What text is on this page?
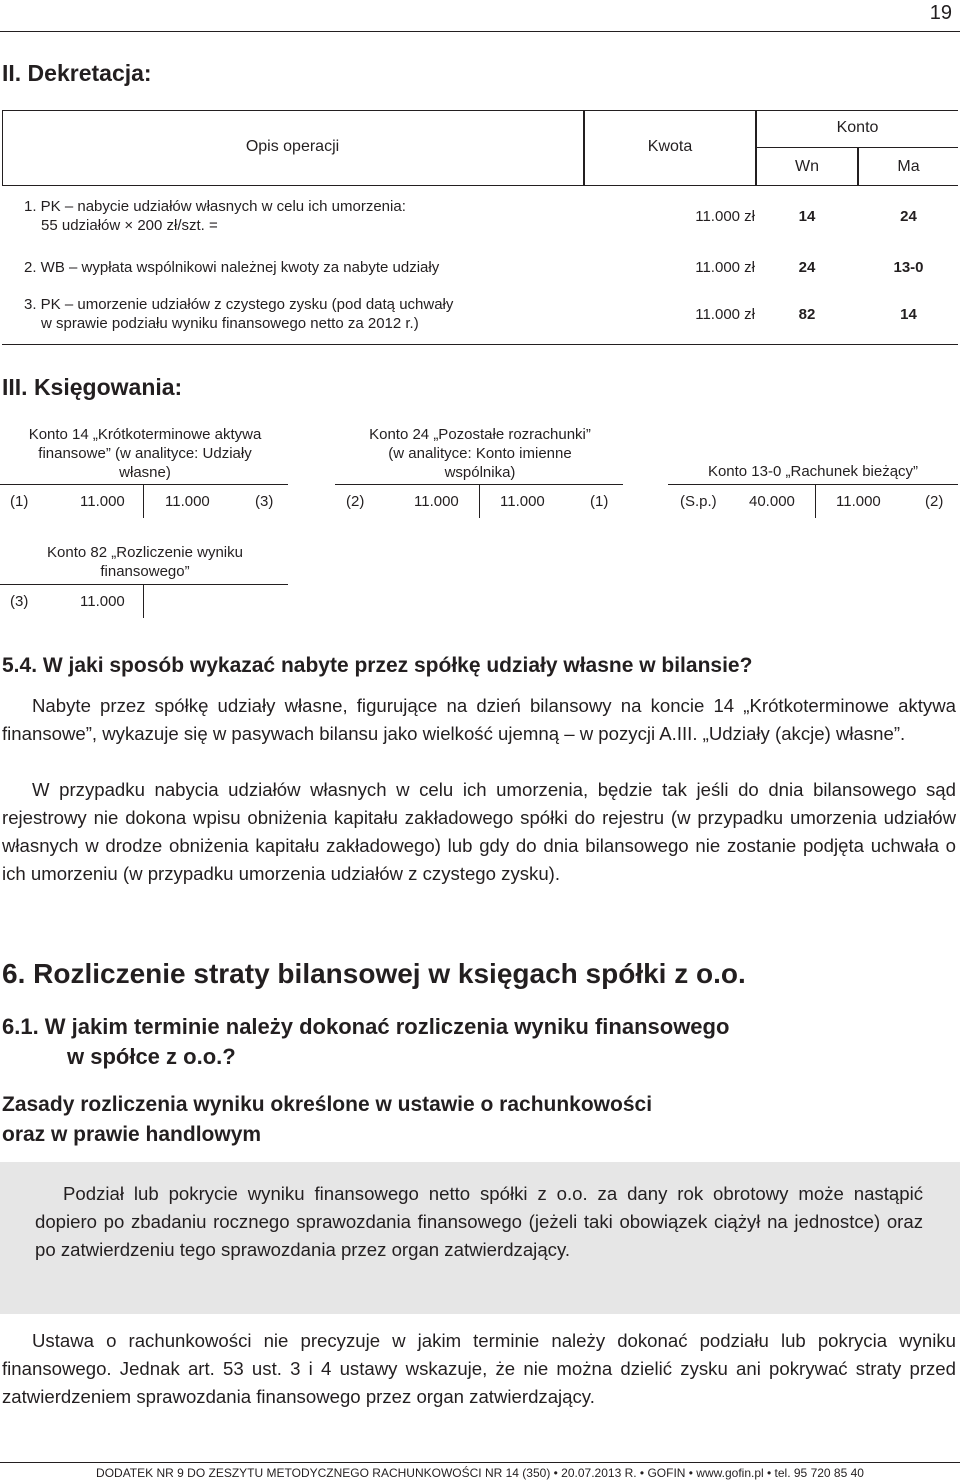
19
II. Dekretacja:
Opis operacji	Kwota
Konto
Wn	Ma
1. PK – nabycie udziałów własnych w celu ich umorzenia:
55 udziałów × 200 zł/szt. =
11.000 zł	14	24
2. WB – wypłata wspólnikowi należnej kwoty za nabyte udziały	11.000 zł	24	13-0
3. PK – umorzenie udziałów z czystego zysku (pod datą uchwały
w sprawie podziału wyniku finansowego netto za 2012 r.)
11.000 zł	82	14
III. Księgowania:
Konto 14 „Krótkoterminowe aktywa
finansowe” (w analityce: Udziały
własne)
(1)	11.000	11.000	(3)
Konto 24 „Pozostałe rozrachunki”
(w analityce: Konto imienne
wspólnika)
(2)	11.000	11.000	(1)
Konto 13-0 „Rachunek bieżący”
(S.p.) 40.000	11.000	(2)
Konto 82 „Rozliczenie wyniku
finansowego”
(3)	11.000
5.4. W jaki sposób wykazać nabyte przez spółkę udziały własne w bilansie?

Nabyte przez spółkę udziały własne, figurujące na dzień bilansowy na koncie 14 „Krótkoterminowe aktywa finansowe”, wykazuje się w pasywach bilansu jako wielkość ujemną – w pozycji A.III. „Udziały (akcje) własne”.

W przypadku nabycia udziałów własnych w celu ich umorzenia, będzie tak jeśli do dnia bilansowego sąd rejestrowy nie dokona wpisu obniżenia kapitału zakładowego spółki do rejestru (w przypadku umorzenia udziałów własnych w drodze obniżenia kapitału zakładowego) lub gdy do dnia bilansowego nie zostanie podjęta uchwała o ich umorzeniu (w przypadku umorzenia udziałów z czystego zysku).

6. Rozliczenie straty bilansowej w księgach spółki z o.o.
6.1. W jakim terminie należy dokonać rozliczenia wyniku finansowego
w spółce z o.o.?
Zasady rozliczenia wyniku określone w ustawie o rachunkowości
oraz w prawie handlowym

Podział lub pokrycie wyniku finansowego netto spółki z o.o. za dany rok obrotowy może nastąpić dopiero po zbadaniu rocznego sprawozdania finansowego (jeżeli taki obowiązek ciążył na jednostce) oraz po zatwierdzeniu tego sprawozdania przez organ zatwierdzający.

Ustawa o rachunkowości nie precyzuje w jakim terminie należy dokonać podziału lub pokrycia wyniku finansowego. Jednak art. 53 ust. 3 i 4 ustawy wskazuje, że nie można dzielić zysku ani pokrywać straty przed zatwierdzeniem sprawozdania finansowego przez organ zatwierdzający.

DODATEK NR 9 DO ZESZYTU METODYCZNEGO RACHUNKOWOŚCI NR 14 (350) • 20.07.2013 R. • GOFIN • www.gofin.pl • tel. 95 720 85 40
